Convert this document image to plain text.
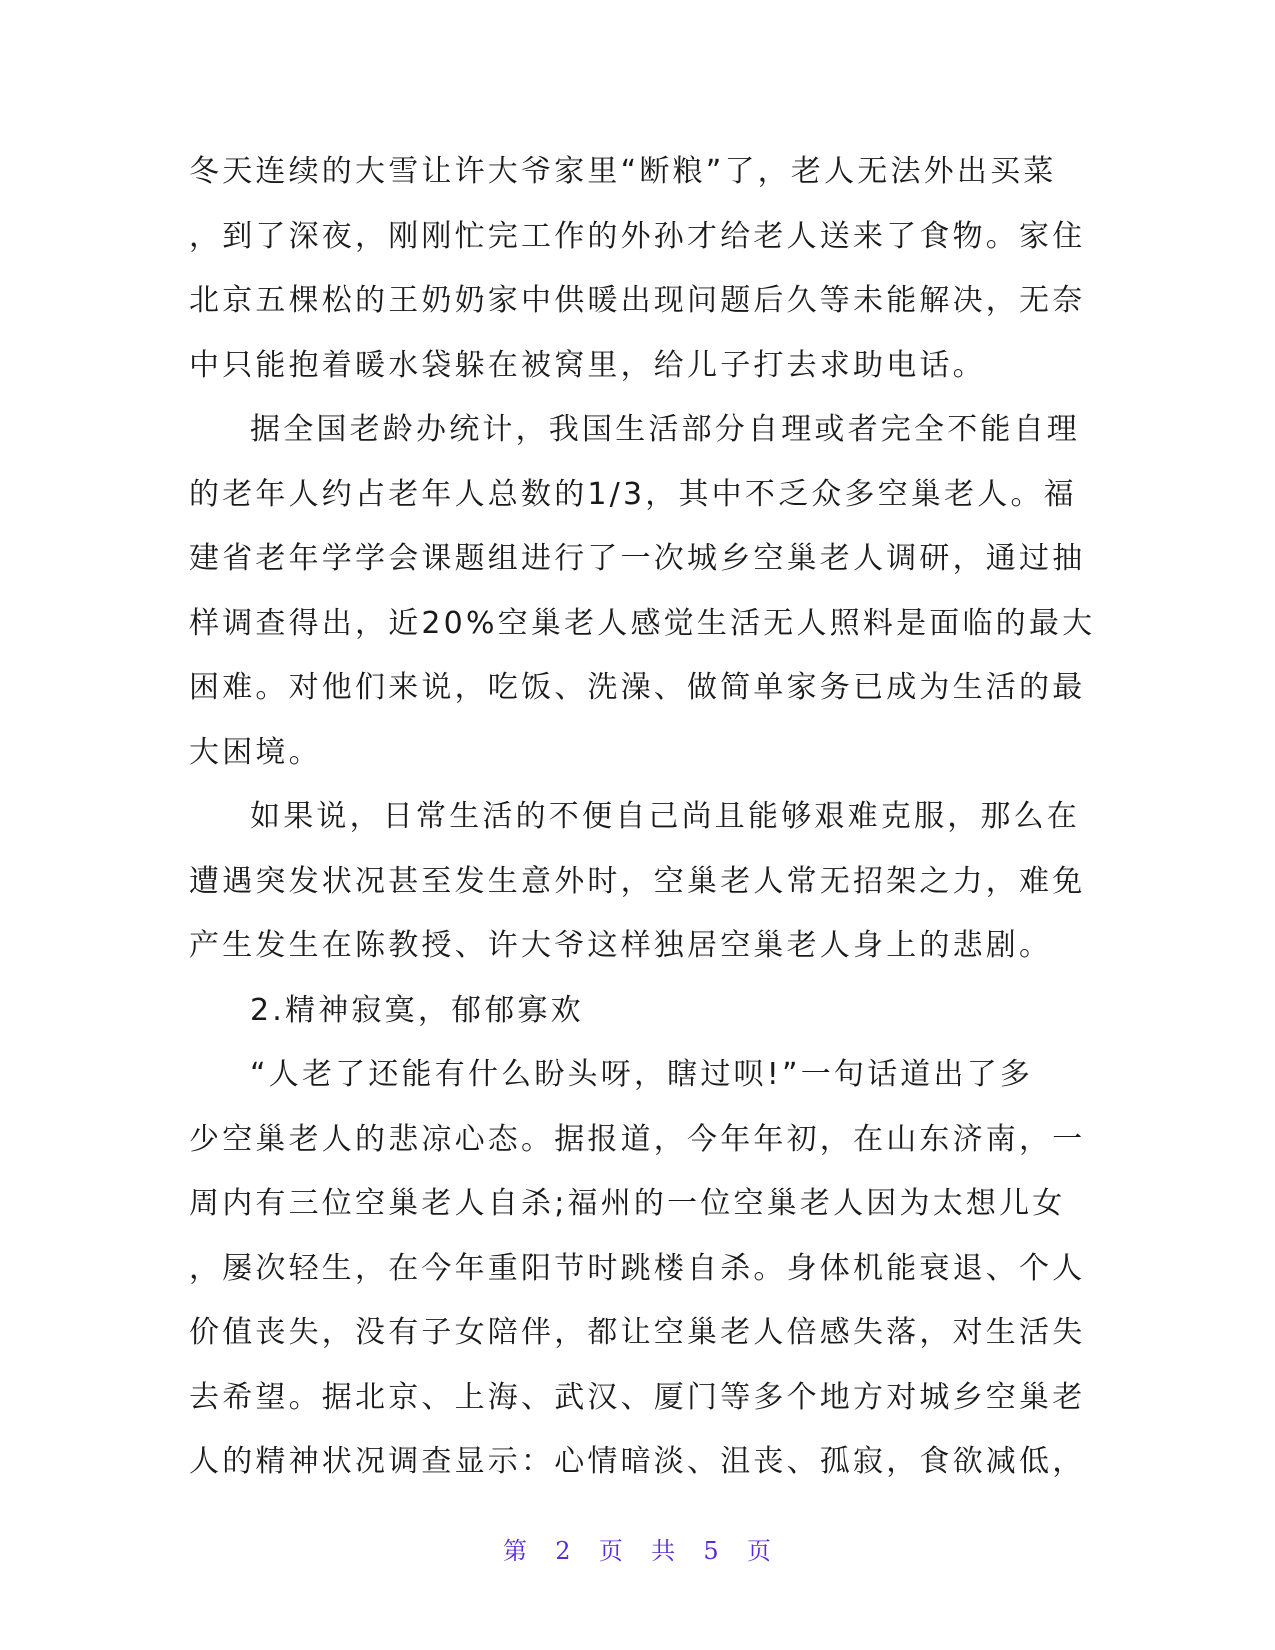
冬天连续的大雪让许大爷家里“断粮”了，老人无法外出买菜
，到了深夜，刚刚忙完工作的外孙才给老人送来了食物。家住
北京五棵松的王奶奶家中供暖出现问题后久等未能解决，无奈
中只能抱着暖水袋躲在被窝里，给儿子打去求助电话。
据全国老龄办统计，我国生活部分自理或者完全不能自理
的老年人约占老年人总数的1/3，其中不乏众多空巢老人。福
建省老年学学会课题组进行了一次城乡空巢老人调研，通过抽
样调查得出，近20%空巢老人感觉生活无人照料是面临的最大
困难。对他们来说，吃饭、洗澡、做简单家务已成为生活的最
大困境。
如果说，日常生活的不便自己尚且能够艰难克服，那么在
遭遇突发状况甚至发生意外时，空巢老人常无招架之力，难免
产生发生在陈教授、许大爷这样独居空巢老人身上的悲剧。
2.精神寂寞，郁郁寡欢
“人老了还能有什么盼头呀，瞎过呗!”一句话道出了多
少空巢老人的悲凉心态。据报道，今年年初，在山东济南，一
周内有三位空巢老人自杀;福州的一位空巢老人因为太想儿女
，屡次轻生，在今年重阳节时跳楼自杀。身体机能衰退、个人
价值丧失，没有子女陪伴，都让空巢老人倍感失落，对生活失
去希望。据北京、上海、武汉、厦门等多个地方对城乡空巢老
人的精神状况调查显示：心情暗淡、沮丧、孤寂，食欲减低，
第 2 页 共 5 页
